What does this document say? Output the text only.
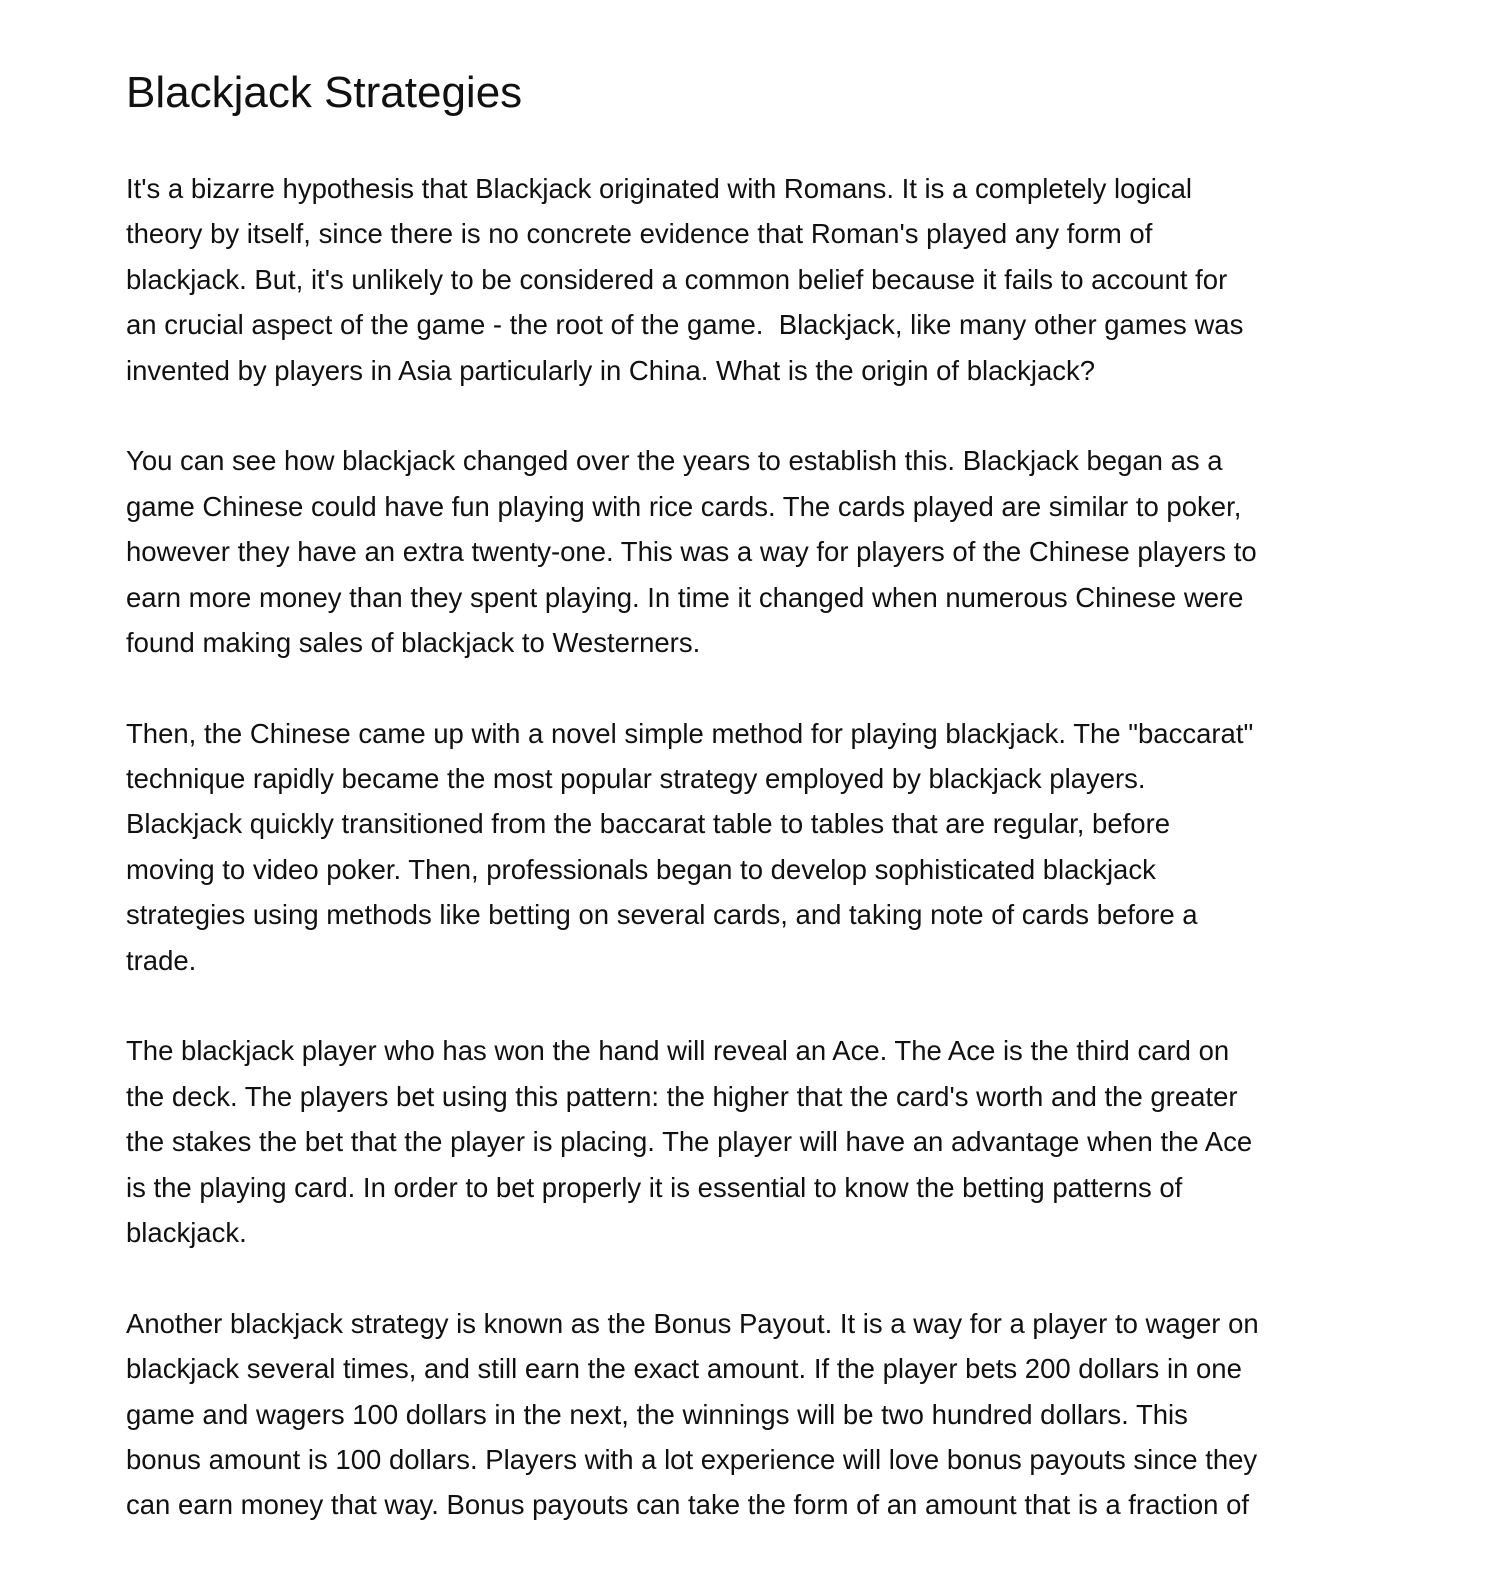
Blackjack Strategies

It's a bizarre hypothesis that Blackjack originated with Romans. It is a completely logical
theory by itself, since there is no concrete evidence that Roman's played any form of
blackjack. But, it's unlikely to be considered a common belief because it fails to account for
an crucial aspect of the game - the root of the game.  Blackjack, like many other games was
invented by players in Asia particularly in China. What is the origin of blackjack?

You can see how blackjack changed over the years to establish this. Blackjack began as a
game Chinese could have fun playing with rice cards. The cards played are similar to poker,
however they have an extra twenty-one. This was a way for players of the Chinese players to
earn more money than they spent playing. In time it changed when numerous Chinese were
found making sales of blackjack to Westerners.

Then, the Chinese came up with a novel simple method for playing blackjack. The "baccarat"
technique rapidly became the most popular strategy employed by blackjack players.
Blackjack quickly transitioned from the baccarat table to tables that are regular, before
moving to video poker. Then, professionals began to develop sophisticated blackjack
strategies using methods like betting on several cards, and taking note of cards before a
trade.

The blackjack player who has won the hand will reveal an Ace. The Ace is the third card on
the deck. The players bet using this pattern: the higher that the card's worth and the greater
the stakes the bet that the player is placing. The player will have an advantage when the Ace
is the playing card. In order to bet properly it is essential to know the betting patterns of
blackjack.

Another blackjack strategy is known as the Bonus Payout. It is a way for a player to wager on
blackjack several times, and still earn the exact amount. If the player bets 200 dollars in one
game and wagers 100 dollars in the next, the winnings will be two hundred dollars. This
bonus amount is 100 dollars. Players with a lot experience will love bonus payouts since they
can earn money that way. Bonus payouts can take the form of an amount that is a fraction of
